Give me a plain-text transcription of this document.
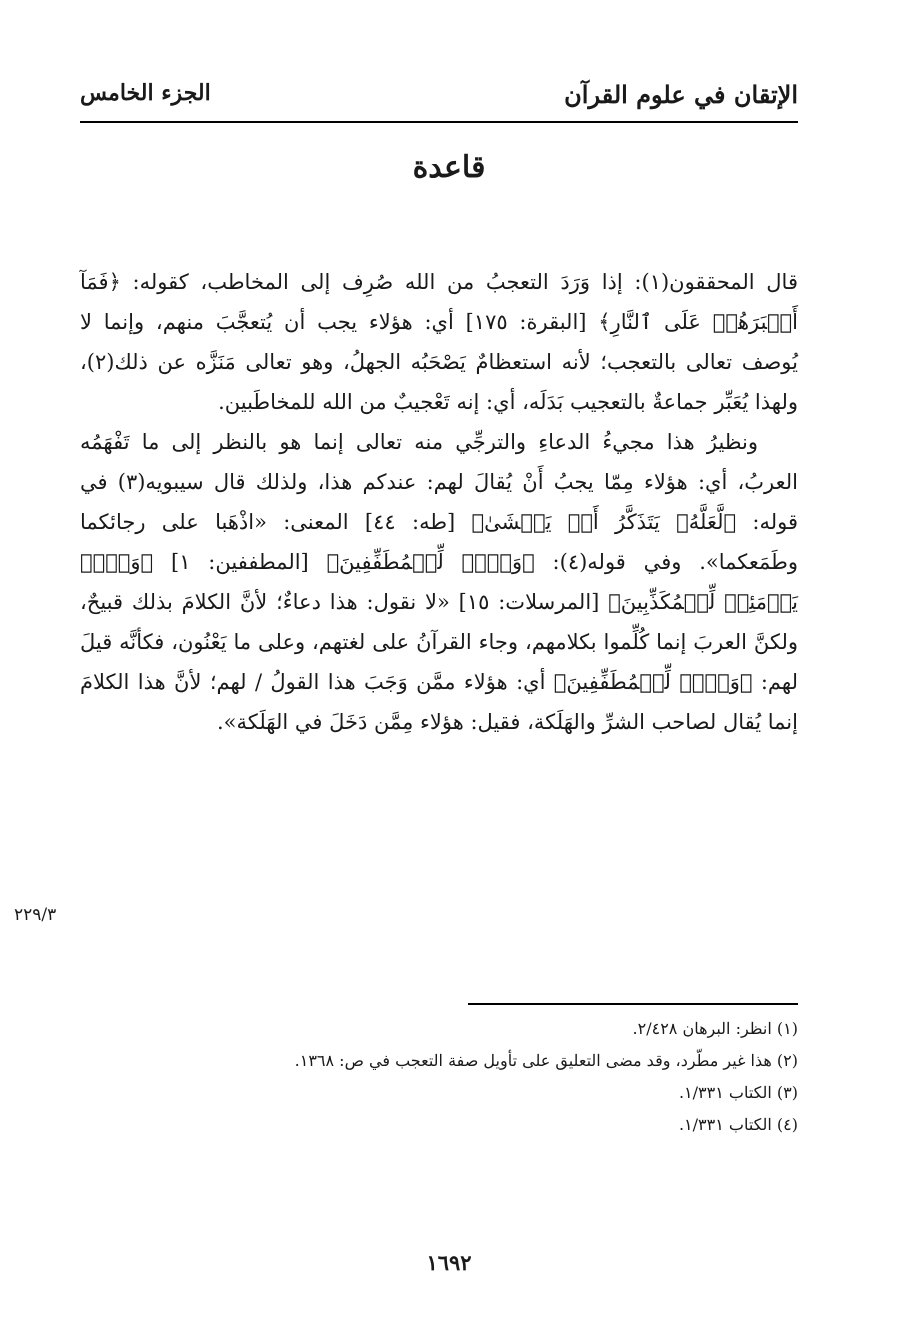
الإتقان في علوم القرآن
الجزء الخامس
قاعدة

قال المحققون(١): إذا وَرَدَ التعجبُ من الله صُرِف إلى المخاطب، كقوله: ﴿فَمَآ أَصۡبَرَهُمۡ عَلَى ٱلنَّارِ﴾ [البقرة: ١٧٥] أي: هؤلاء يجب أن يُتعجَّبَ منهم، وإنما لا يُوصف تعالى بالتعجب؛ لأنه استعظامٌ يَصْحَبُه الجهلُ، وهو تعالى مَنَزَّه عن ذلك(٢)، ولهذا يُعَبِّر جماعةٌ بالتعجيب بَدَلَه، أي: إنه تَعْجيبٌ من الله للمخاطَبين.

ونظيرُ هذا مجيءُ الدعاءِ والترجِّي منه تعالى إنما هو بالنظر إلى ما تَفْهَمُه العربُ، أي: هؤلاء مِمّا يجبُ أَنْ يُقالَ لهم: عندكم هذا، ولذلك قال سيبويه(٣) في قوله: ﴿لَّعَلَّهُۥ يَتَذَكَّرُ أَوۡ يَخۡشَىٰ﴾ [طه: ٤٤] المعنى: «اذْهَبا على رجائكما وطَمَعكما». وفي قوله(٤): ﴿وَيۡلٞ لِّلۡمُطَفِّفِينَ﴾ [المطففين: ١] ﴿وَيۡلٞ يَوۡمَئِذٖ لِّلۡمُكَذِّبِينَ﴾ [المرسلات: ١٥] «لا نقول: هذا دعاءٌ؛ لأنَّ الكلامَ بذلك قبيحٌ، ولكنَّ العربَ إنما كُلِّموا بكلامهم، وجاء القرآنُ على لغتهم، وعلى ما يَعْنُون، فكأنَّه قيلَ لهم: ﴿وَيۡلٞ لِّلۡمُطَفِّفِينَ﴾ أي: هؤلاء ممَّن وَجَبَ هذا القولُ / لهم؛ لأنَّ هذا الكلامَ إنما يُقال لصاحب الشرِّ والهَلَكة، فقيل: هؤلاء مِمَّن دَخَلَ في الهَلَكة».

٢٢٩/٣
(١) انظر: البرهان ٢/٤٢٨.
(٢) هذا غير مطّرد، وقد مضى التعليق على تأويل صفة التعجب في ص: ١٣٦٨.
(٣) الكتاب ١/٣٣١.
(٤) الكتاب ١/٣٣١.
١٦٩٢
